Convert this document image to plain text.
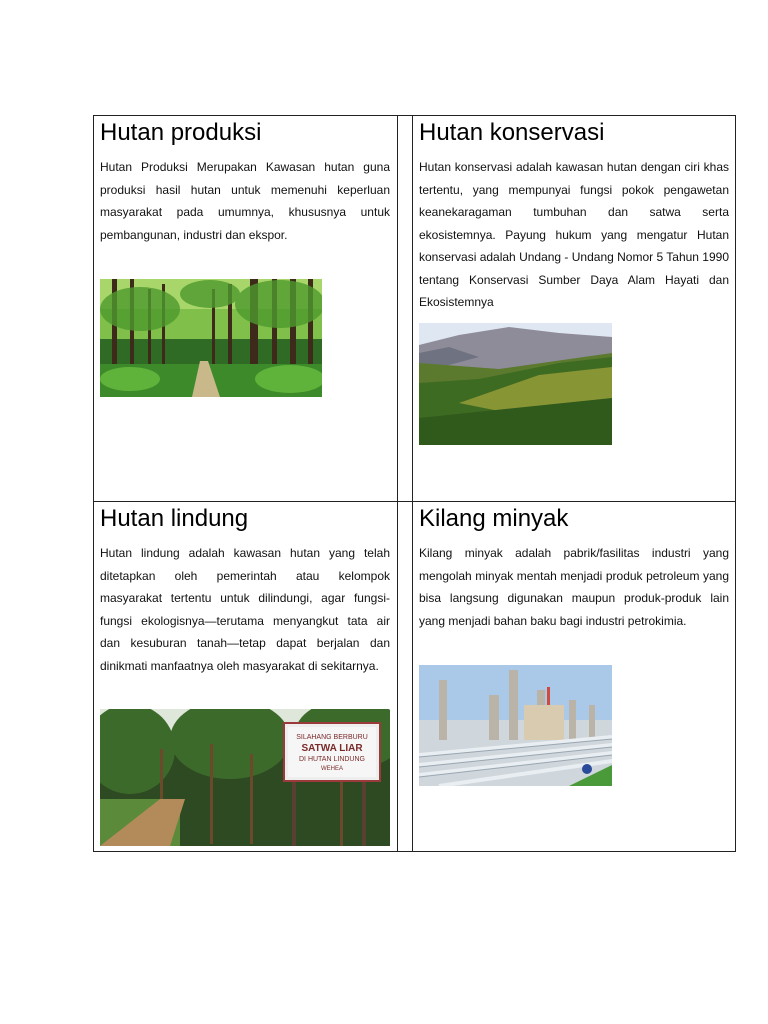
Hutan produksi

Hutan Produksi Merupakan Kawasan hutan guna produksi hasil hutan untuk memenuhi keperluan masyarakat pada umumnya, khususnya untuk pembangunan, industri dan ekspor.

Hutan konservasi

Hutan konservasi adalah kawasan hutan dengan ciri khas tertentu, yang mempunyai fungsi pokok pengawetan keanekaragaman tumbuhan dan satwa serta ekosistemnya. Payung hukum yang mengatur Hutan konservasi adalah Undang - Undang Nomor 5 Tahun 1990 tentang Konservasi Sumber Daya Alam Hayati dan Ekosistemnya

Hutan lindung

Hutan lindung adalah kawasan hutan yang telah ditetapkan oleh pemerintah atau kelompok masyarakat tertentu untuk dilindungi, agar fungsi-fungsi ekologisnya—terutama menyangkut tata air dan kesuburan tanah—tetap dapat berjalan dan dinikmati manfaatnya oleh masyarakat di sekitarnya.

SILAHANG BERBURU
SATWA LIAR
DI HUTAN LINDUNG
WEHEA
Kilang minyak

Kilang minyak adalah pabrik/fasilitas industri yang mengolah minyak mentah menjadi produk petroleum yang bisa langsung digunakan maupun produk-produk lain yang menjadi bahan baku bagi industri petrokimia.
